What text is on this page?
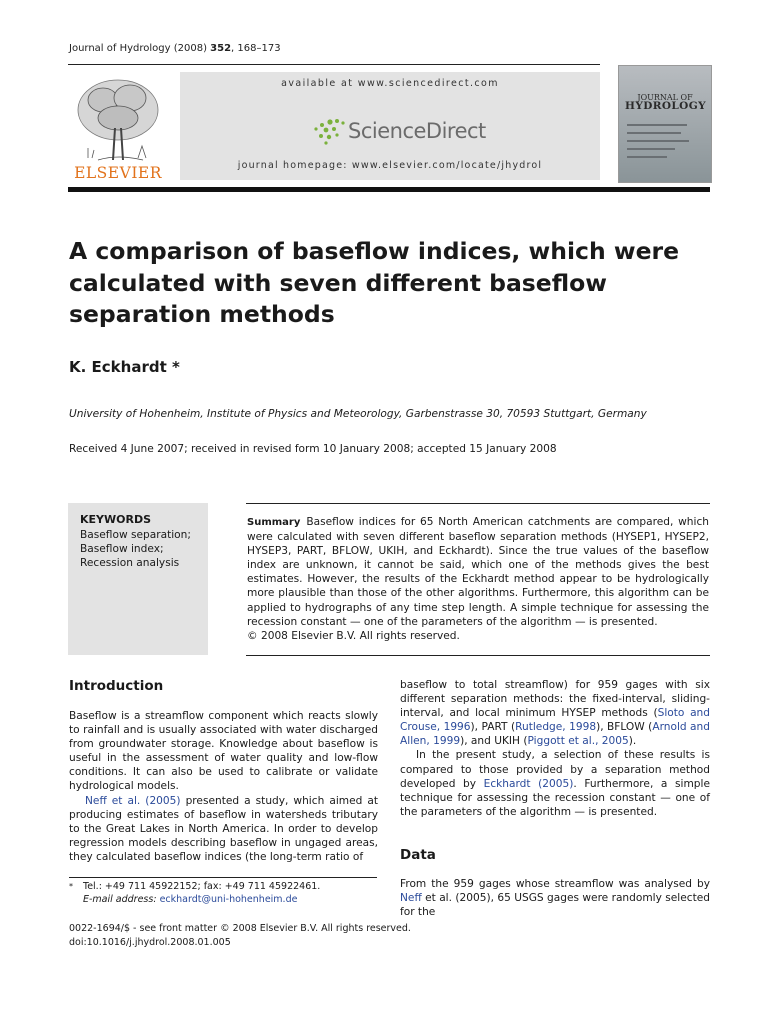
Journal of Hydrology (2008) 352, 168–173
ELSEVIER
available at www.sciencedirect.com
ScienceDirect
journal homepage: www.elsevier.com/locate/jhydrol
JOURNAL OF
HYDROLOGY
A comparison of baseflow indices, which were calculated with seven different baseflow separation methods
K. Eckhardt *
University of Hohenheim, Institute of Physics and Meteorology, Garbenstrasse 30, 70593 Stuttgart, Germany
Received 4 June 2007; received in revised form 10 January 2008; accepted 15 January 2008
KEYWORDS
Baseflow separation;
Baseflow index;
Recession analysis
Summary Baseflow indices for 65 North American catchments are compared, which were calculated with seven different baseflow separation methods (HYSEP1, HYSEP2, HYSEP3, PART, BFLOW, UKIH, and Eckhardt). Since the true values of the baseflow index are unknown, it cannot be said, which one of the methods gives the best estimates. However, the results of the Eckhardt method appear to be hydrologically more plausible than those of the other algorithms. Furthermore, this algorithm can be applied to hydrographs of any time step length. A simple technique for assessing the recession constant — one of the parameters of the algorithm — is presented.
© 2008 Elsevier B.V. All rights reserved.
Introduction

Baseflow is a streamflow component which reacts slowly to rainfall and is usually associated with water discharged from groundwater storage. Knowledge about baseflow is useful in the assessment of water quality and low-flow conditions. It can also be used to calibrate or validate hydrological models.

Neff et al. (2005) presented a study, which aimed at producing estimates of baseflow in watersheds tributary to the Great Lakes in North America. In order to develop regression models describing baseflow in ungaged areas, they calculated baseflow indices (the long-term ratio of

baseflow to total streamflow) for 959 gages with six different separation methods: the fixed-interval, sliding-interval, and local minimum HYSEP methods (Sloto and Crouse, 1996), PART (Rutledge, 1998), BFLOW (Arnold and Allen, 1999), and UKIH (Piggott et al., 2005).

In the present study, a selection of these results is compared to those provided by a separation method developed by Eckhardt (2005). Furthermore, a simple technique for assessing the recession constant — one of the parameters of the algorithm — is presented.

Data

From the 959 gages whose streamflow was analysed by Neff et al. (2005), 65 USGS gages were randomly selected for the

* Tel.: +49 711 45922152; fax: +49 711 45922461.
E-mail address: eckhardt@uni-hohenheim.de
0022-1694/$ - see front matter © 2008 Elsevier B.V. All rights reserved.
doi:10.1016/j.jhydrol.2008.01.005
